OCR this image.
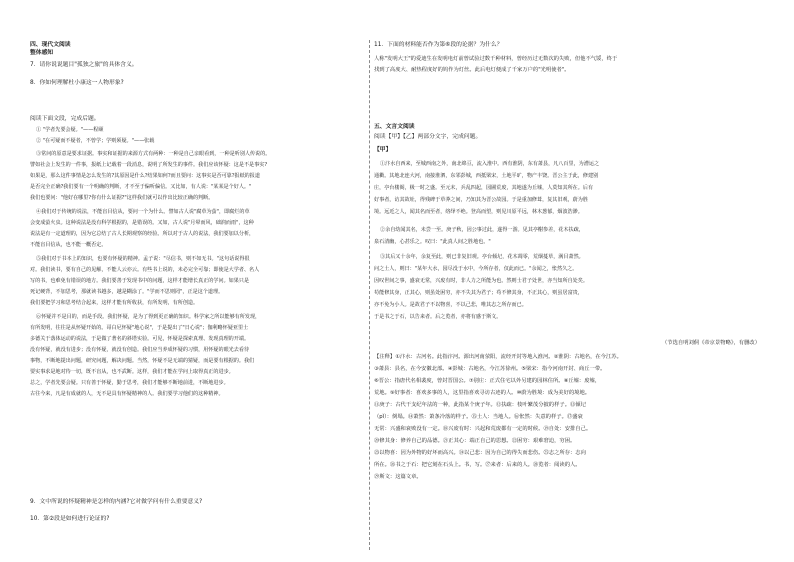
四、现代文阅读
整体感知
7．请你说说题目"孤独之旅"的具体含义。
8．你如何理解杜小康这一人物形象?
阅读下面文段，完成后题。
① "学者先要会疑。"——程颐
② "在可疑而不疑者，不曾学；学则须疑。"——张载
③常问的原意是要求证据。事实和证据的来源方式有两种：一种是自己亲眼看到，一种是听别人传说的。
譬如社会上发生的一件事，报纸上记载着一段消息，说明了所发生的事件。我们应该怀疑：这是不是事实?
如果是，那么这件事情是怎么发生的?其原因是什么?结果如何?而且要问：这事实是否可靠?报纸的报道
是否完全正确?我们要有一个明确的判断，才不至于偏听偏信。又比如，有人说："某某是个好人。"
我们也要问："他好在哪里?你有什么证据?"这样我们就可以作出比较正确的判断。
④我们对于传统的说法，不能盲目信从，要问一个为什么。譬如古人说"腐草为萤"，即腐烂的草
会变成萤火虫。这种说法是没有科学根据的，是错误的。又如，古人说"月晕而风，础润而雨"，这种
说法是有一定道理的，因为它总结了古人长期观察的经验。所以对于古人的说法，我们要加以分析，
不能盲目信从，也不能一概否定。
⑤我们对于书本上的知识，也要有怀疑的精神。孟子说："尽信书，则不如无书。"这句话说得很
对。我们读书，要有自己的见解，不能人云亦云。有些书上说的，未必完全可靠；即使是大学者、名人
写的书，也难免有错误的地方。我们要善于发现书中的问题，这样才能增长真正的学问。如果只是
死记硬背，不加思考，那就读书越多，越是糊涂了。"学而不思则罔"，正是这个道理。
我们要把学习和思考结合起来，这样才能有所收获，有所发明，有所创造。
⑥怀疑并不是目的，而是手段。我们怀疑，是为了得到更正确的知识。科学家之所以能够有所发现，
有所发明，往往是从怀疑开始的。哥白尼怀疑"地心说"，于是提出了"日心说"；伽利略怀疑亚里士
多德关于落体运动的说法，于是做了著名的斜塔实验。可见，怀疑是探索真理、发现真理的开端。
没有怀疑，就没有进步；没有怀疑，就没有创造。我们应当养成怀疑的习惯，用怀疑的眼光去看待
事物，不断地提出问题，研究问题，解决问题。当然，怀疑不是无端的猜疑，而是要有根据的。我们
要实事求是地对待一切，既不盲从，也不武断。这样，我们才能在学问上取得真正的进步。
总之，学者先要会疑。只有善于怀疑，勤于思考，我们才能够不断地前进，不断地进步。
古往今来，凡是有成就的人，无不是具有怀疑精神的人。我们要学习他们的这种精神。
9．文中所说的怀疑精神是怎样的内涵?它对做学问有什么重要意义?
10．第②段是如何进行论证的?
11．下面的材料能否作为第⑥段的论据？为什么？
人称"发明大王"的爱迪生在发明电灯前曾试验过数千种材料，曾经历过无数次的失败，但他不气馁，终于
找到了高度大、耐热程度好的钨作为灯丝。此后电灯便成了千家万户的"光明使者"。
五、文言文阅读
阅读【甲】【乙】两部分文字，完成问题。
【甲】
①汴水自西来，至城西南之外，南北绵亘，流入淮中。西有淮阴，东有萧县，凡八百里，为漕运之
通衢。其地北连大河，南接淮泗，东邻彭城，西抵梁宋，土地平旷，物产丰饶。晋公主于此，修建别
庄，亭台楼阁，极一时之盛。至元末，兵乱四起，园圃荒废，其地遂为丘墟，人莫知其所在。后有
好事者，访其故址，得残碑于草莽之间，乃知其为晋公故园。于是重加修葺，复其旧观，蔚为胜
境。远近之人，闻其名而至者，络绎不绝。登高而望，则见川原平远，林木葱郁，烟波浩渺。
②余自幼闻其名，未尝一至。庚子秋，因公事过此，遂得一游。见其亭榭参差，花木扶疏，
泉石清幽，心甚乐之。叹曰："此真人间之胜地也。"
③其后又十余年，余复至此，则已非复旧观。亭台倾圮，花木凋零，荒烟蔓草，满目萧然。
问之土人，则曰："某年大水，园尽没于水中，今所存者，仅此而已。"余闻之，怅然久之。
因叹世间之事，盛衰无常，兴废有时，非人力之所能为也。然则士君子处世，亦当知所自处矣。
苟能修其身，正其心，则虽处困穷，亦不失其为君子；苟不修其身，不正其心，则虽居富贵，
亦不免为小人。是故君子不以物喜，不以己悲，唯其志之所存而已。
于是书之于石，以告来者。后之览者，亦将有感于斯文。
（节选自明刘侗《帝京景物略》，有删改）
【注释】①汴水：古河名。此指汴河。源出河南荥阳，流经开封等地入淮河。②淮阴：古地名，在今江苏。
③萧县：县名，在今安徽北部。④彭城：古地名，今江苏徐州。⑤梁宋：指今河南开封、商丘一带。
⑥晋公：指唐代名相裴度，曾封晋国公。⑦别庄：正式住宅以外另建的园林住所。⑧丘墟：废墟，
荒地。⑨好事者：喜欢多事的人，这里指喜欢寻访古迹的人。⑩蔚为胜境：成为美好的境地。
⑪庚子：古代干支纪年法的一种，此指某个庚子年。⑫扶疏：枝叶繁茂分披的样子。⑬倾圮
（pǐ）：倒塌。⑭萧然：萧条冷落的样子。⑮土人：当地人。⑯怅然：失意的样子。⑰盛衰
无常：兴盛和衰败没有一定。⑱兴废有时：兴起和荒废都有一定的时候。⑲自处：安排自己。
⑳修其身：修养自己的品德。㉑正其心：端正自己的思想。㉒困穷：艰难窘迫，穷困。
㉓以物喜：因为外物的好坏而高兴。㉔以己悲：因为自己的得失而悲伤。㉕志之所存：志向
所在。㉖书之于石：把它刻在石头上。书，写。㉗来者：后来的人。㉘览者：阅读的人。
㉙斯文：这篇文章。
